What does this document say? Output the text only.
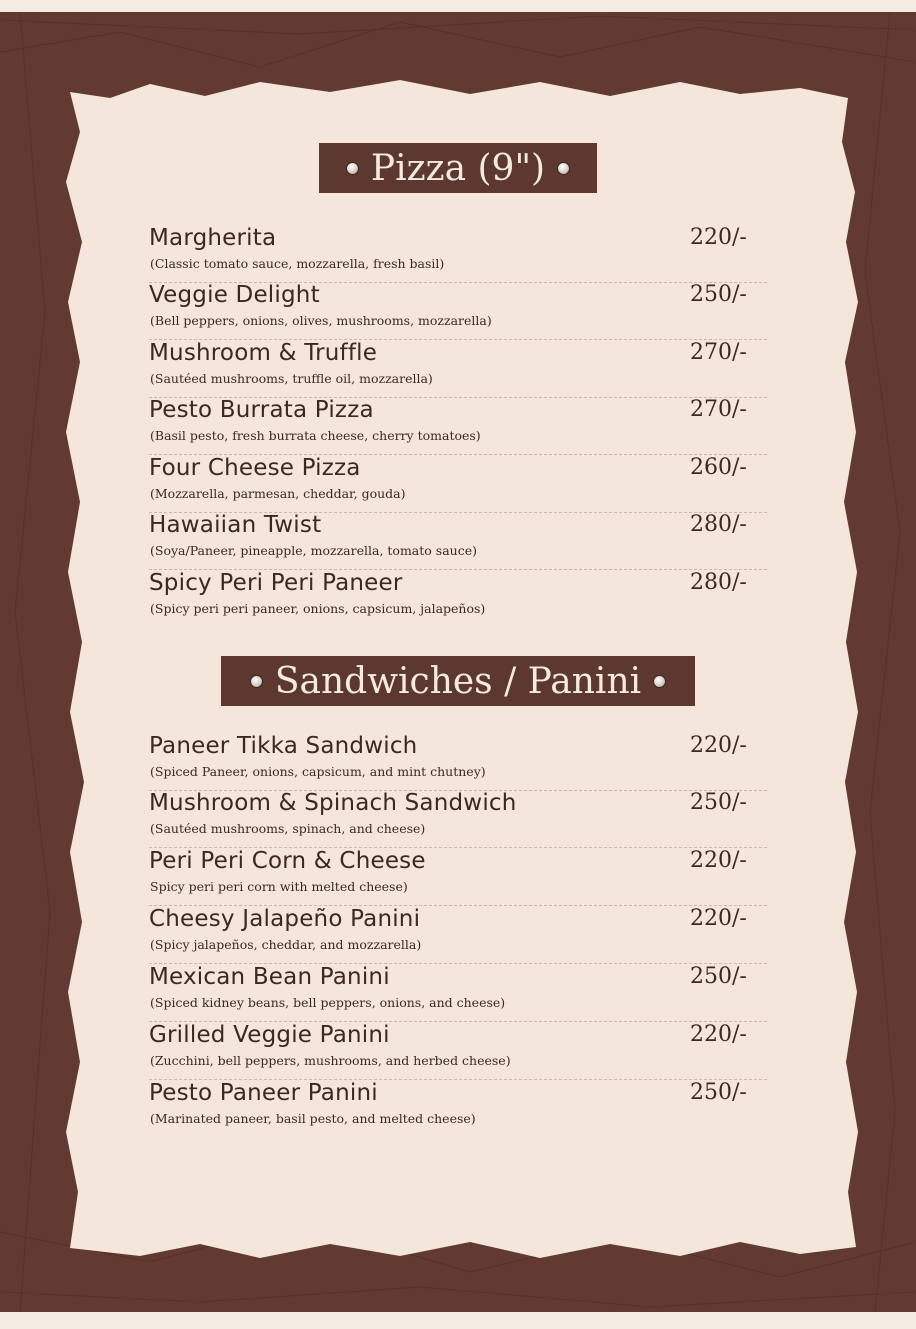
Pizza (9")
Margherita	220/-
(Classic tomato sauce, mozzarella, fresh basil)
Veggie Delight	250/-
(Bell peppers, onions, olives, mushrooms, mozzarella)
Mushroom & Truffle	270/-
(Sautéed mushrooms, truffle oil, mozzarella)
Pesto Burrata Pizza	270/-
(Basil pesto, fresh burrata cheese, cherry tomatoes)
Four Cheese Pizza	260/-
(Mozzarella, parmesan, cheddar, gouda)
Hawaiian Twist	280/-
(Soya/Paneer, pineapple, mozzarella, tomato sauce)
Spicy Peri Peri Paneer	280/-
(Spicy peri peri paneer, onions, capsicum, jalapeños)
Sandwiches / Panini
Paneer Tikka Sandwich	220/-
(Spiced Paneer, onions, capsicum, and mint chutney)
Mushroom & Spinach Sandwich	250/-
(Sautéed mushrooms, spinach, and cheese)
Peri Peri Corn & Cheese	220/-
Spicy peri peri corn with melted cheese)
Cheesy Jalapeño Panini	220/-
(Spicy jalapeños, cheddar, and mozzarella)
Mexican Bean Panini	250/-
(Spiced kidney beans, bell peppers, onions, and cheese)
Grilled Veggie Panini	220/-
(Zucchini, bell peppers, mushrooms, and herbed cheese)
Pesto Paneer Panini	250/-
(Marinated paneer, basil pesto, and melted cheese)
